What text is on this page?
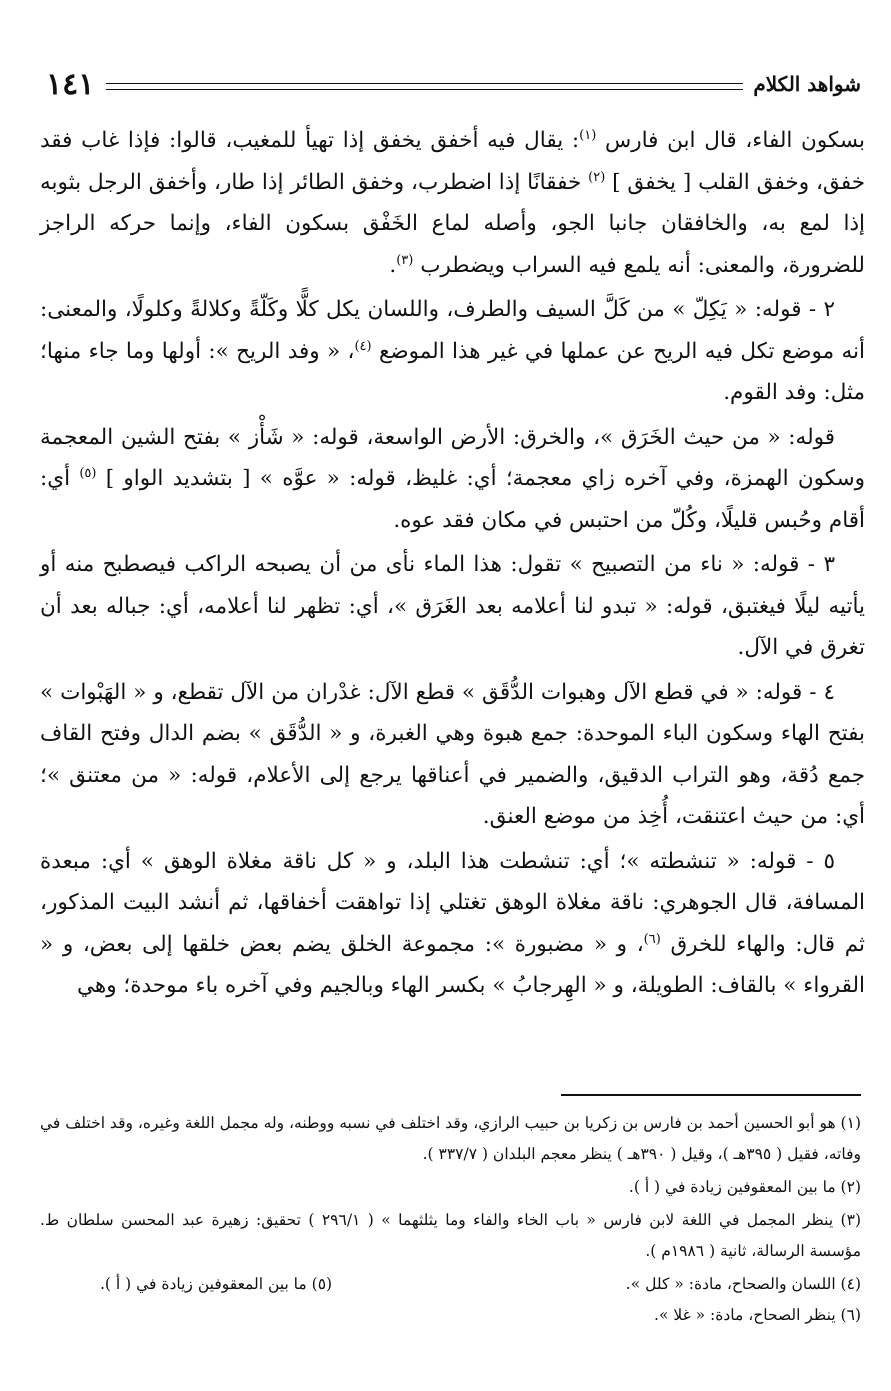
شواهد الكلام
١٤١

بسكون الفاء، قال ابن فارس $^{(١)}$: يقال فيه أخفق يخفق إذا تهيأ للمغيب، قالوا: فإذا غاب فقد خفق، وخفق القلب [ يخفق ] $^{(٢)}$ خفقانًا إذا اضطرب، وخفق الطائر إذا طار، وأخفق الرجل بثوبه إذا لمع به، والخافقان جانبا الجو، وأصله لماع الخَفْق بسكون الفاء، وإنما حركه الراجز للضرورة، والمعنى: أنه يلمع فيه السراب ويضطرب $^{(٣)}$.

٢ - قوله: « يَكِلّ » من كَلَّ السيف والطرف، واللسان يكل كلًّا وكَلّةً وكلالةً وكلولًا، والمعنى: أنه موضع تكل فيه الريح عن عملها في غير هذا الموضع $^{(٤)}$، « وفد الريح »: أولها وما جاء منها؛ مثل: وفد القوم.

قوله: « من حيث الخَرَق »، والخرق: الأرض الواسعة، قوله: « شَأْز » بفتح الشين المعجمة وسكون الهمزة، وفي آخره زاي معجمة؛ أي: غليظ، قوله: « عوَّه » [ بتشديد الواو ] $^{(٥)}$ أي: أقام وحُبس قليلًا، وكُلّ من احتبس في مكان فقد عوه.

٣ - قوله: « ناء من التصبيح » تقول: هذا الماء نأى من أن يصبحه الراكب فيصطبح منه أو يأتيه ليلًا فيغتبق، قوله: « تبدو لنا أعلامه بعد الغَرَق »، أي: تظهر لنا أعلامه، أي: جباله بعد أن تغرق في الآل.

٤ - قوله: « في قطع الآل وهبوات الدُّقَق » قطع الآل: غدْران من الآل تقطع، و « الهَبْوات » بفتح الهاء وسكون الباء الموحدة: جمع هبوة وهي الغبرة، و « الدُّقَق » بضم الدال وفتح القاف جمع دُقة، وهو التراب الدقيق، والضمير في أعناقها يرجع إلى الأعلام، قوله: « من معتنق »؛ أي: من حيث اعتنقت، أُخِذ من موضع العنق.

٥ - قوله: « تنشطته »؛ أي: تنشطت هذا البلد، و « كل ناقة مغلاة الوهق » أي: مبعدة المسافة، قال الجوهري: ناقة مغلاة الوهق تغتلي إذا تواهقت أخفاقها، ثم أنشد البيت المذكور، ثم قال: والهاء للخرق $^{(٦)}$، و « مضبورة »: مجموعة الخلق يضم بعض خلقها إلى بعض، و « القرواء » بالقاف: الطويلة، و « الهِرجابُ » بكسر الهاء وبالجيم وفي آخره باء موحدة؛ وهي

(١) هو أبو الحسين أحمد بن فارس بن زكريا بن حبيب الرازي، وقد اختلف في نسبه ووطنه، وله مجمل اللغة وغيره، وقد اختلف في وفاته، فقيل ( ٣٩٥هـ )، وقيل ( ٣٩٠هـ ) ينظر معجم البلدان ( ٣٣٧/٧ ).

(٢) ما بين المعقوفين زيادة في ( أ ).

(٣) ينظر المجمل في اللغة لابن فارس « باب الخاء والفاء وما يثلثهما » ( ٢٩٦/١ ) تحقيق: زهيرة عبد المحسن سلطان ط. مؤسسة الرسالة، ثانية ( ١٩٨٦م ).

(٤) اللسان والصحاح، مادة: « كلل ».
(٥) ما بين المعقوفين زيادة في ( أ ).

(٦) ينظر الصحاح، مادة: « غلا ».
